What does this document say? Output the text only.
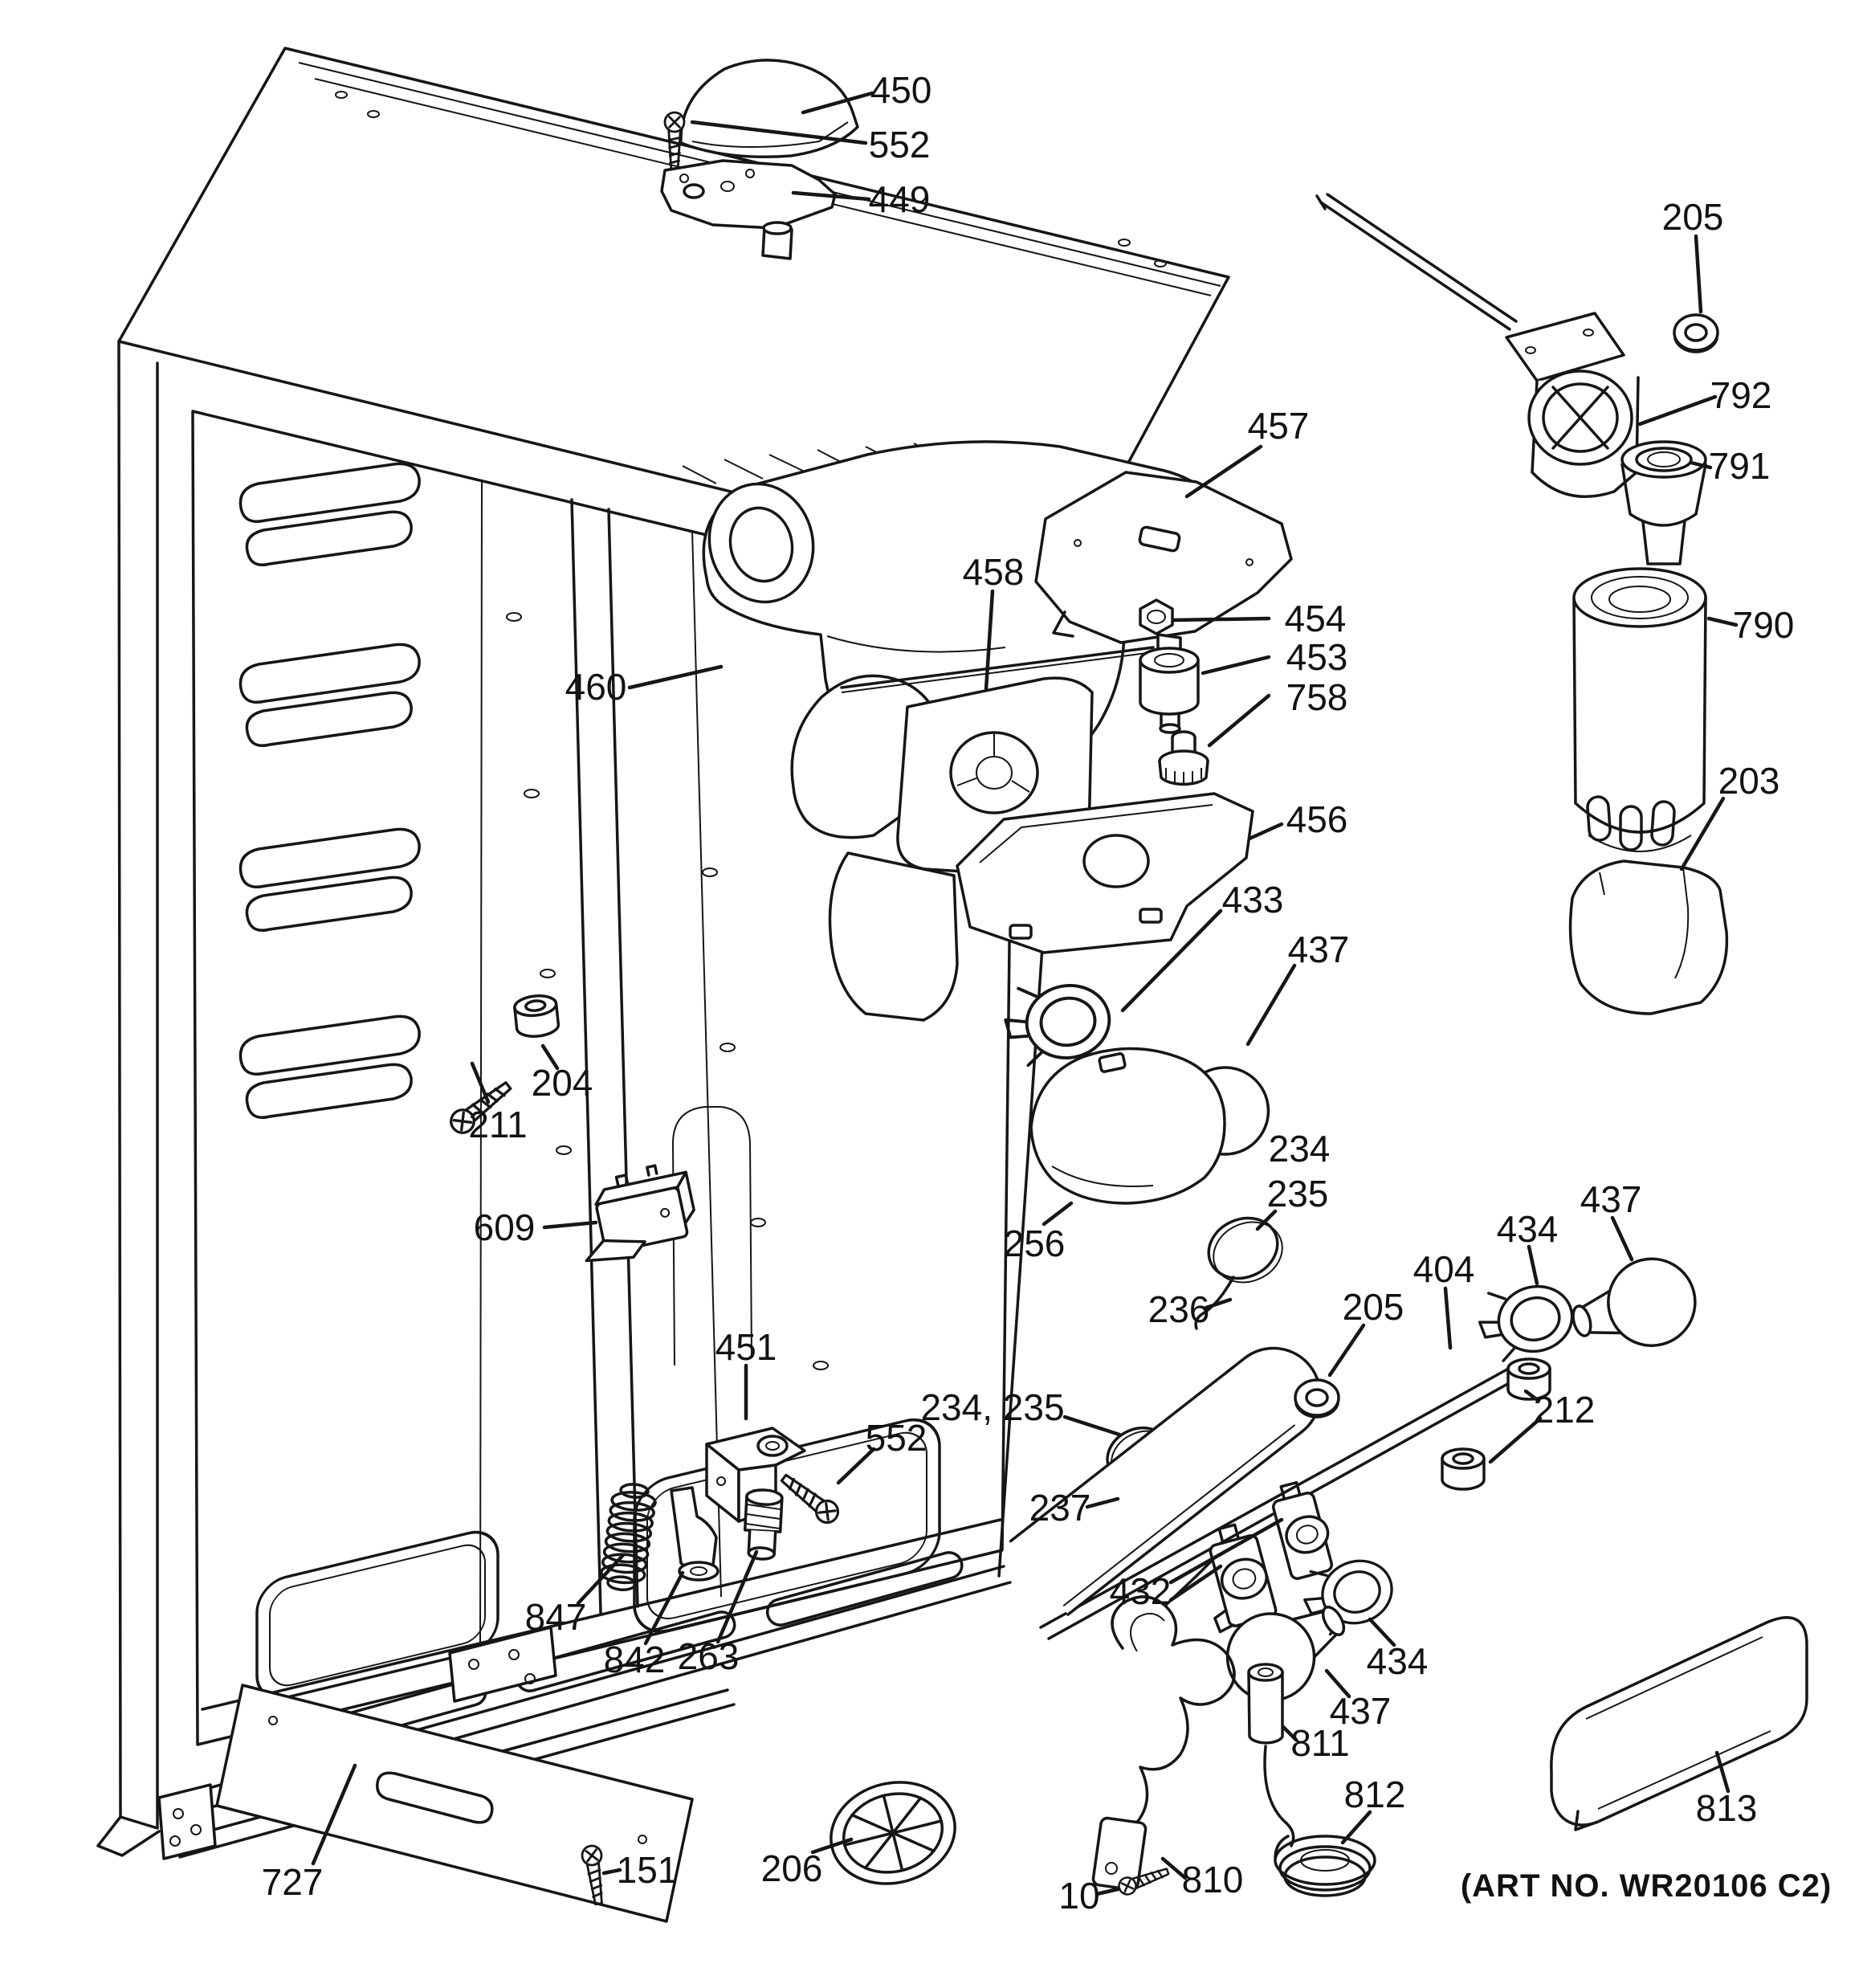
450
552
449	205
792
791
790
203
457
458
454
453
758
460
456
433
437
204
211
609	256
234
235
236
404
205
434
437
212
234, 235
237
451
552
432
847
842 263
727	151 206
434
437
811
812
810
10
813
(ART NO. WR20106 C2)
